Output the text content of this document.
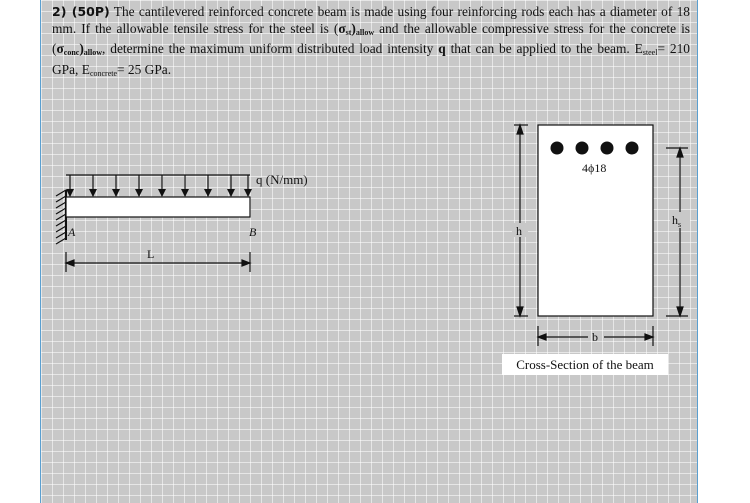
2) (50P) The cantilevered reinforced concrete beam is made using four reinforcing rods each has a diameter of 18 mm. If the allowable tensile stress for the steel is $(\sigma_{st})_{allow}$ and the allowable compressive stress for the concrete is $(\sigma_{conc})_{allow}$, determine the maximum uniform distributed load intensity q that can be applied to the beam. Esteel= 210 GPa, Econcrete= 25 GPa.
q (N/mm)
A	B
L
4ϕ18
h
$h_s$
b
Cross-Section of the beam
